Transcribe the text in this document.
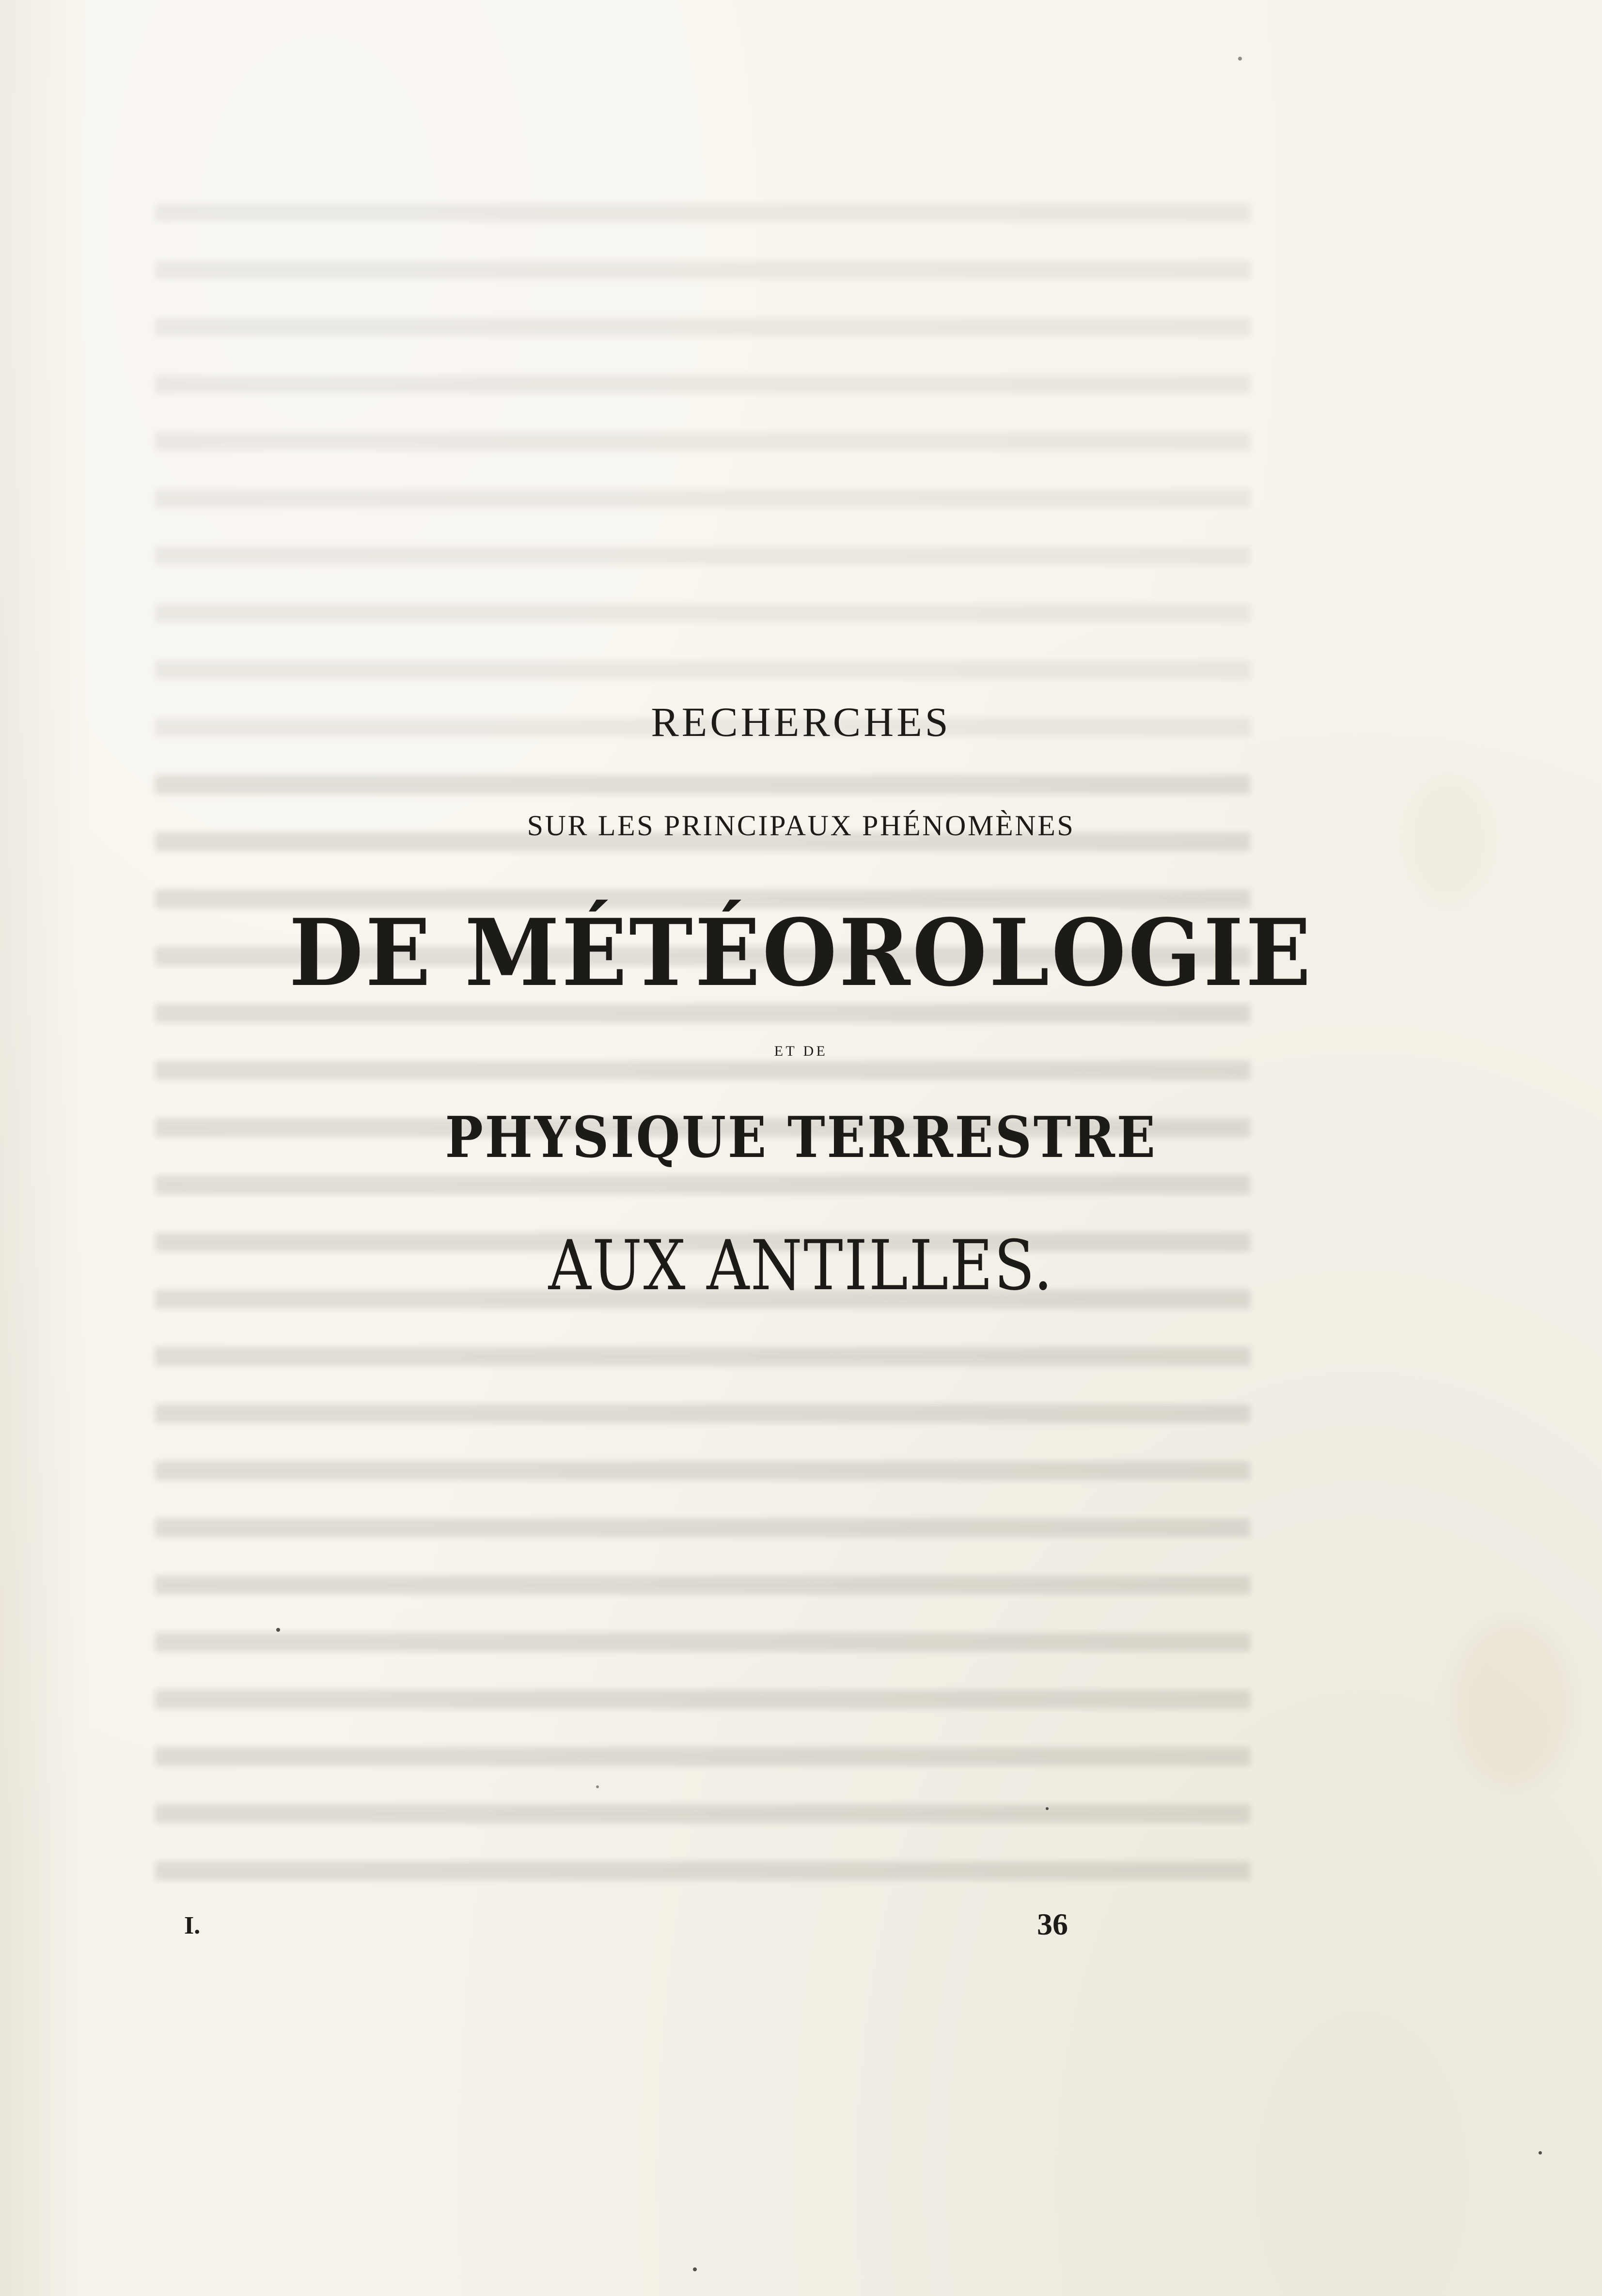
RECHERCHES
SUR LES PRINCIPAUX PHÉNOMÈNES
DE MÉTÉOROLOGIE
ET DE
PHYSIQUE TERRESTRE
AUX ANTILLES.
I.	36
